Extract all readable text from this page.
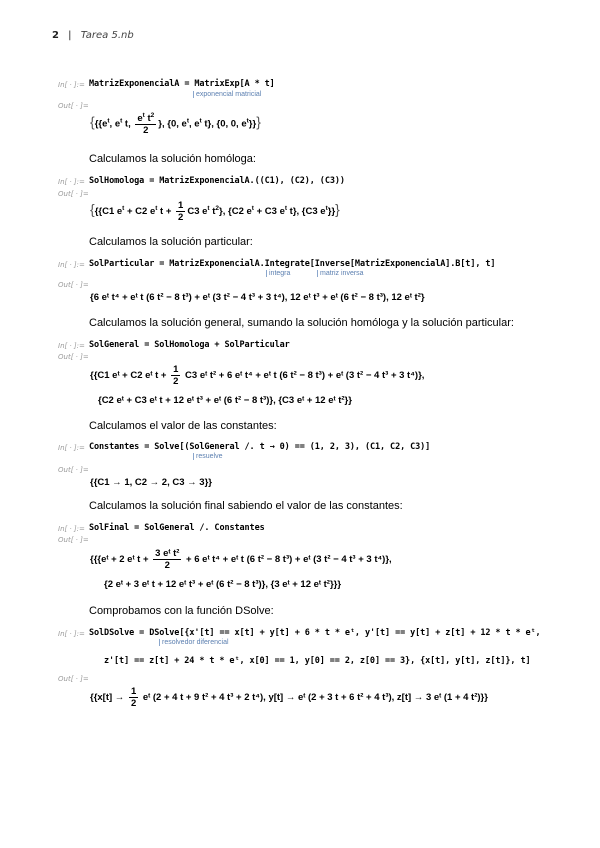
2 | Tarea 5.nb
In[ · ]:= MatrizExponencialA = MatrixExp[A * t]
exponencial matricial
Out[ · ]=
{{{$e^t$, $e^t$ t, $\frac{e^t t^2}{2}$ }, {0, $e^t$, $e^t$ t}, {0, 0, $e^t$}}}
Calculamos la solución homóloga:
In[ · ]:= SolHomologa = MatrizExponencialA.((C1), (C2), (C3))
Out[ · ]=
{{{C1 $e^t + C2$ $e^t$ $t + \frac{1}{2} C3$ $e^t$ $t^2$}, {C2 $e^t + C3$ $e^t$ t}, {C3 $e^t$}}}
Calculamos la solución particular:
In[ · ]:= SolParticular = MatrizExponencialA.Integrate[Inverse[MatrizExponencialA].B[t], t]
integra	matriz inversa
Out[ · ]=
{6 eᵗ t⁴ + eᵗ t (6 t² − 8 t³) + eᵗ (3 t² − 4 t³ + 3 t⁴), 12 eᵗ t³ + eᵗ (6 t² − 8 t³), 12 eᵗ t²}
Calculamos la solución general, sumando la solución homóloga y la solución particular:
In[ · ]:= SolGeneral = SolHomologa + SolParticular
Out[ · ]=
{{C1 eᵗ + C2 eᵗ $t + \frac{1}{2} C3$ eᵗ t² + 6 eᵗ t⁴ + eᵗ t (6 t² − 8 t³) + eᵗ (3 t² − 4 t³ + 3 t⁴)},
{C2 eᵗ + C3 eᵗ t + 12 eᵗ t³ + eᵗ (6 t² − 8 t³)}, {C3 eᵗ + 12 eᵗ t²}}
Calculamos el valor de las constantes:
In[ · ]:= Constantes = Solve[(SolGeneral /. t → 0) == (1, 2, 3), (C1, C2, C3)]
resuelve
Out[ · ]=
{{C1 → 1, C2 → 2, C3 → 3}}
Calculamos la solución final sabiendo el valor de las constantes:
In[ · ]:= SolFinal = SolGeneral /. Constantes
Out[ · ]=
{{{eᵗ + 2 eᵗ $t + \frac{\text{3 eᵗ t²}}{2} + 6$ eᵗ t⁴ + eᵗ t (6 t² − 8 t³) + eᵗ (3 t² − 4 t³ + 3 t⁴)},
{2 eᵗ + 3 eᵗ t + 12 eᵗ t³ + eᵗ (6 t² − 8 t³)}, {3 eᵗ + 12 eᵗ t²}}}
Comprobamos con la función DSolve:
In[ · ]:= SolDSolve = DSolve[{x'[t] == x[t] + y[t] + 6 * t * eᵗ, y'[t] == y[t] + z[t] + 12 * t * eᵗ,
resolvedor diferencial
z'[t] == z[t] + 24 * t * eᵗ, x[0] == 1, y[0] == 2, z[0] == 3}, {x[t], y[t], z[t]}, t]
Out[ · ]=
{{$x[t] \to \frac{1}{2}$ eᵗ (2 + 4 t + 9 t² + 4 t³ + 2 t⁴), y[t] → eᵗ (2 + 3 t + 6 t² + 4 t³), z[t] → 3 eᵗ (1 + 4 t²)}}
